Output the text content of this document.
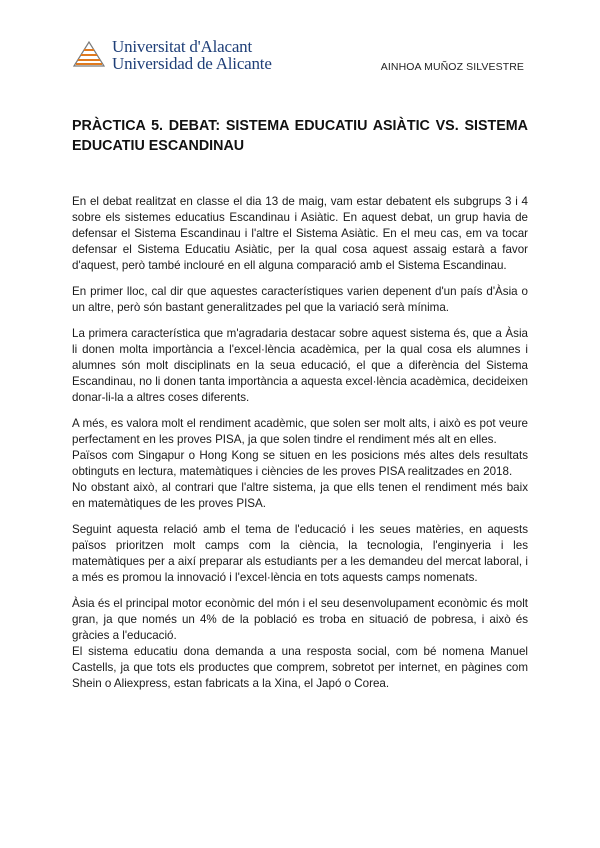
Universitat d'Alacant
Universidad de Alicante	AINHOA MUÑOZ SILVESTRE
PRÀCTICA 5. DEBAT: SISTEMA EDUCATIU ASIÀTIC VS. SISTEMA EDUCATIU ESCANDINAU

En el debat realitzat en classe el dia 13 de maig, vam estar debatent els subgrups 3 i 4 sobre els sistemes educatius Escandinau i Asiàtic. En aquest debat, un grup havia de defensar el Sistema Escandinau i l'altre el Sistema Asiàtic. En el meu cas, em va tocar defensar el Sistema Educatiu Asiàtic, per la qual cosa aquest assaig estarà a favor d'aquest, però també inclouré en ell alguna comparació amb el Sistema Escandinau.

En primer lloc, cal dir que aquestes característiques varien depenent d'un país d'Àsia o un altre, però són bastant generalitzades pel que la variació serà mínima.

La primera característica que m'agradaria destacar sobre aquest sistema és, que a Àsia li donen molta importància a l'excel·lència acadèmica, per la qual cosa els alumnes i alumnes són molt disciplinats en la seua educació, el que a diferència del Sistema Escandinau, no li donen tanta importància a aquesta excel·lència acadèmica, decideixen donar-li-la a altres coses diferents.

A més, es valora molt el rendiment acadèmic, que solen ser molt alts, i això es pot veure perfectament en les proves PISA, ja que solen tindre el rendiment més alt en elles.
Països com Singapur o Hong Kong se situen en les posicions més altes dels resultats obtinguts en lectura, matemàtiques i ciències de les proves PISA realitzades en 2018.
No obstant això, al contrari que l'altre sistema, ja que ells tenen el rendiment més baix en matemàtiques de les proves PISA.

Seguint aquesta relació amb el tema de l'educació i les seues matèries, en aquests països prioritzen molt camps com la ciència, la tecnologia, l'enginyeria i les matemàtiques per a així preparar als estudiants per a les demandeu del mercat laboral, i a més es promou la innovació i l'excel·lència en tots aquests camps nomenats.

Àsia és el principal motor econòmic del món i el seu desenvolupament econòmic és molt gran, ja que només un 4% de la població es troba en situació de pobresa, i això és gràcies a l'educació.
El sistema educatiu dona demanda a una resposta social, com bé nomena Manuel Castells, ja que tots els productes que comprem, sobretot per internet, en pàgines com Shein o Aliexpress, estan fabricats a la Xina, el Japó o Corea.
